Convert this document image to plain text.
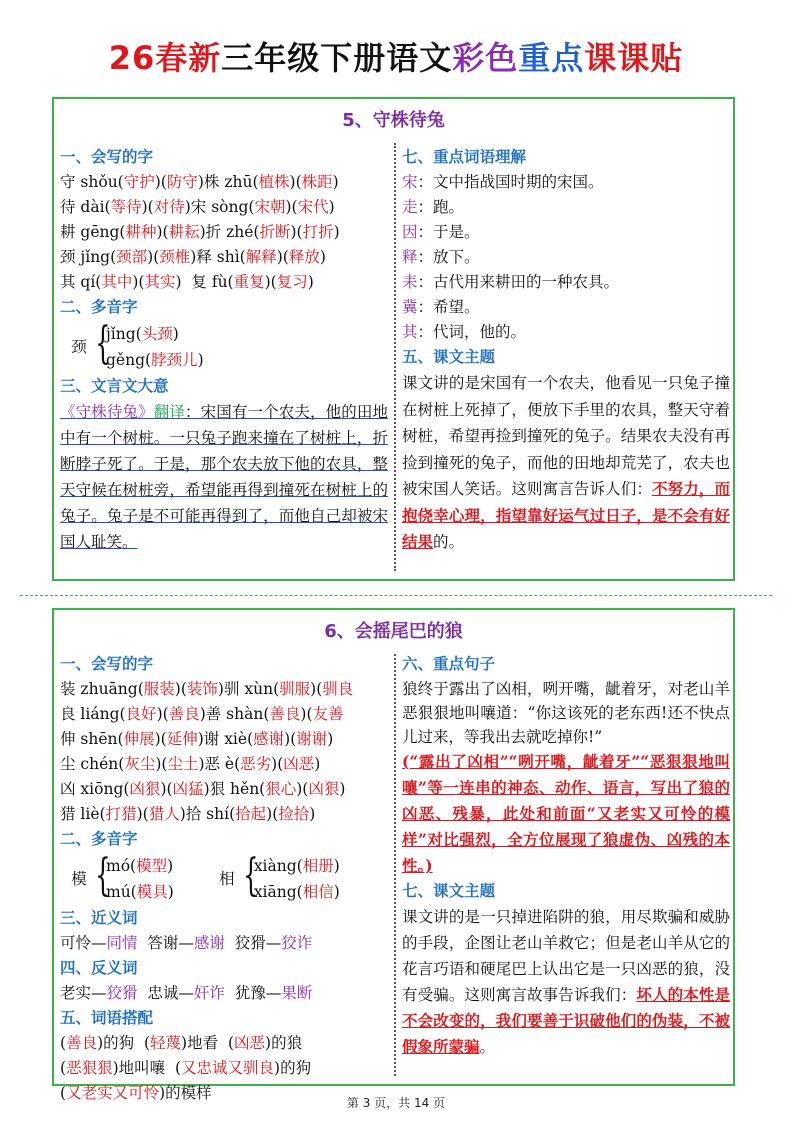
26春新三年级下册语文彩色重点课课贴
5、守株待兔
一、会写的字
守 shǒu(守护)(防守)株 zhū(植株)(株距)
待 dài(等待)(对待)宋 sòng(宋朝)(宋代)
耕 gēng(耕种)(耕耘)折 zhé(折断)(打折)
颈 jǐng(颈部)(颈椎)释 shì(解释)(释放)
其 qí(其中)(其实)  复 fù(重复)(复习)
二、多音字
颈 {
jǐng(头颈)
gěng(脖颈儿)
三、文言文大意
《守株待兔》翻译：宋国有一个农夫，他的田地中有一个树桩。一只兔子跑来撞在了树桩上，折断脖子死了。于是，那个农夫放下他的农具，整天守候在树桩旁，希望能再得到撞死在树桩上的兔子。兔子是不可能再得到了，而他自己却被宋国人耻笑。
七、重点词语理解
宋：文中指战国时期的宋国。
走：跑。
因：于是。
释：放下。
耒：古代用来耕田的一种农具。
冀：希望。
其：代词，他的。
五、课文主题
课文讲的是宋国有一个农夫，他看见一只兔子撞在树桩上死掉了，便放下手里的农具，整天守着树桩，希望再捡到撞死的兔子。结果农夫没有再捡到撞死的兔子，而他的田地却荒芜了，农夫也被宋国人笑话。这则寓言告诉人们：不努力，而抱侥幸心理，指望靠好运气过日子，是不会有好结果的。
6、会摇尾巴的狼
一、会写的字
装 zhuāng(服装)(装饰)驯 xùn(驯服)(驯良
良 liáng(良好)(善良)善 shàn(善良)(友善
伸 shēn(伸展)(延伸)谢 xiè(感谢)(谢谢)
尘 chén(灰尘)(尘土)恶 è(恶劣)(凶恶)
凶 xiōng(凶狠)(凶猛)狠 hěn(狠心)(凶狠)
猎 liè(打猎)(猎人)拾 shí(拾起)(捡拾)
二、多音字
模 {
mó(模型)
mú(模具)
相 {
xiàng(相册)
xiāng(相信)
三、近义词
可怜—同情  答谢—感谢  狡猾—狡诈
四、反义词
老实—狡猾  忠诚—奸诈  犹豫—果断
五、词语搭配
(善良)的狗  (轻蔑)地看  (凶恶)的狼
(恶狠狠)地叫嚷  (又忠诚又驯良)的狗
(又老实又可怜)的模样
六、重点句子
狼终于露出了凶相，咧开嘴，龇着牙，对老山羊恶狠狠地叫嚷道：“你这该死的老东西!还不快点儿过来，等我出去就吃掉你!”
(“露出了凶相”“咧开嘴，龇着牙”“恶狠狠地叫嚷”等一连串的神态、动作、语言，写出了狼的凶恶、残暴，此处和前面“又老实又可怜的模样”对比强烈，全方位展现了狼虚伪、凶残的本性。)
七、课文主题
课文讲的是一只掉进陷阱的狼，用尽欺骗和威胁的手段，企图让老山羊救它；但是老山羊从它的花言巧语和硬尾巴上认出它是一只凶恶的狼，没有受骗。这则寓言故事告诉我们：坏人的本性是不会改变的，我们要善于识破他们的伪装，不被假象所蒙骗。
第 3 页，共 14 页
